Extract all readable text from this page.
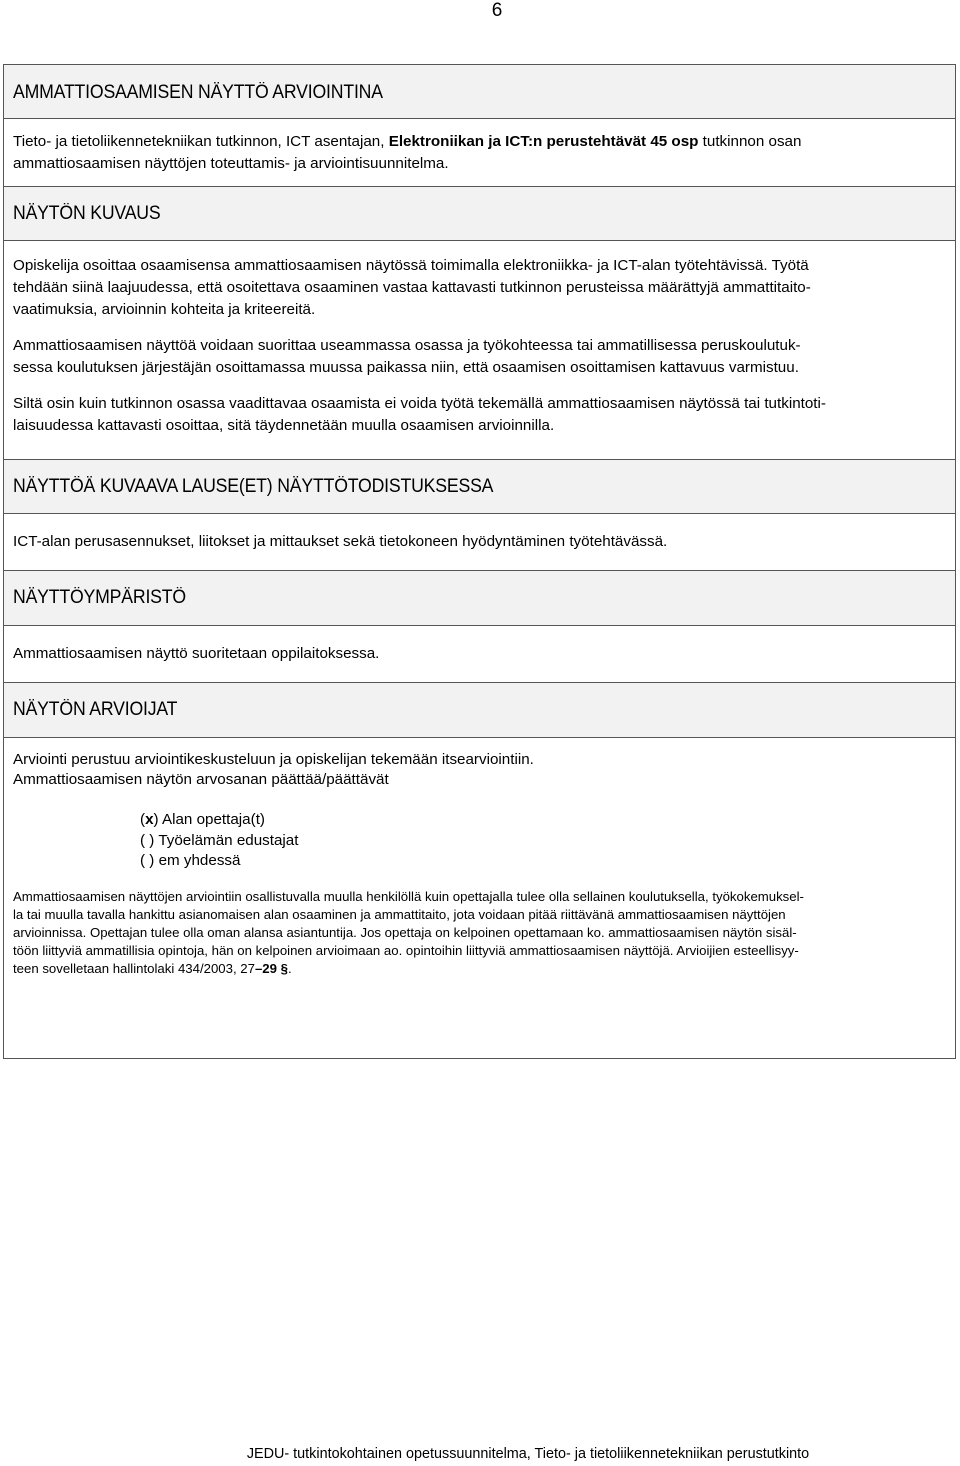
6
AMMATTIOSAAMISEN NÄYTTÖ ARVIOINTINA

Tieto- ja tietoliikennetekniikan tutkinnon, ICT asentajan, Elektroniikan ja ICT:n perustehtävät 45 osp tutkinnon osan
ammattiosaamisen näyttöjen toteuttamis- ja arviointisuunnitelma.

NÄYTÖN KUVAUS

Opiskelija osoittaa osaamisensa ammattiosaamisen näytössä toimimalla elektroniikka- ja ICT-alan työtehtävissä. Työtä
tehdään siinä laajuudessa, että osoitettava osaaminen vastaa kattavasti tutkinnon perusteissa määrättyjä ammattitaito-
vaatimuksia, arvioinnin kohteita ja kriteereitä.

Ammattiosaamisen näyttöä voidaan suorittaa useammassa osassa ja työkohteessa tai ammatillisessa peruskoulutuk-
sessa koulutuksen järjestäjän osoittamassa muussa paikassa niin, että osaamisen osoittamisen kattavuus varmistuu.

Siltä osin kuin tutkinnon osassa vaadittavaa osaamista ei voida työtä tekemällä ammattiosaamisen näytössä tai tutkintoti-
laisuudessa kattavasti osoittaa, sitä täydennetään muulla osaamisen arvioinnilla.

NÄYTTÖÄ KUVAAVA LAUSE(ET) NÄYTTÖTODISTUKSESSA

ICT-alan perusasennukset, liitokset ja mittaukset sekä tietokoneen hyödyntäminen työtehtävässä.

NÄYTTÖYMPÄRISTÖ

Ammattiosaamisen näyttö suoritetaan oppilaitoksessa.

NÄYTÖN ARVIOIJAT

Arviointi perustuu arviointikeskusteluun ja opiskelijan tekemään itsearviointiin.
Ammattiosaamisen näytön arvosanan päättää/päättävät

(x) Alan opettaja(t)
( ) Työelämän edustajat
( ) em yhdessä

Ammattiosaamisen näyttöjen arviointiin osallistuvalla muulla henkilöllä kuin opettajalla tulee olla sellainen koulutuksella, työkokemuksel-
la tai muulla tavalla hankittu asianomaisen alan osaaminen ja ammattitaito, jota voidaan pitää riittävänä ammattiosaamisen näyttöjen
arvioinnissa. Opettajan tulee olla oman alansa asiantuntija. Jos opettaja on kelpoinen opettamaan ko. ammattiosaamisen näytön sisäl-
töön liittyviä ammatillisia opintoja, hän on kelpoinen arvioimaan ao. opintoihin liittyviä ammattiosaamisen näyttöjä. Arvioijien esteellisyy-
teen sovelletaan hallintolaki 434/2003, 27–29 §.

JEDU- tutkintokohtainen opetussuunnitelma, Tieto- ja tietoliikennetekniikan perustutkinto
